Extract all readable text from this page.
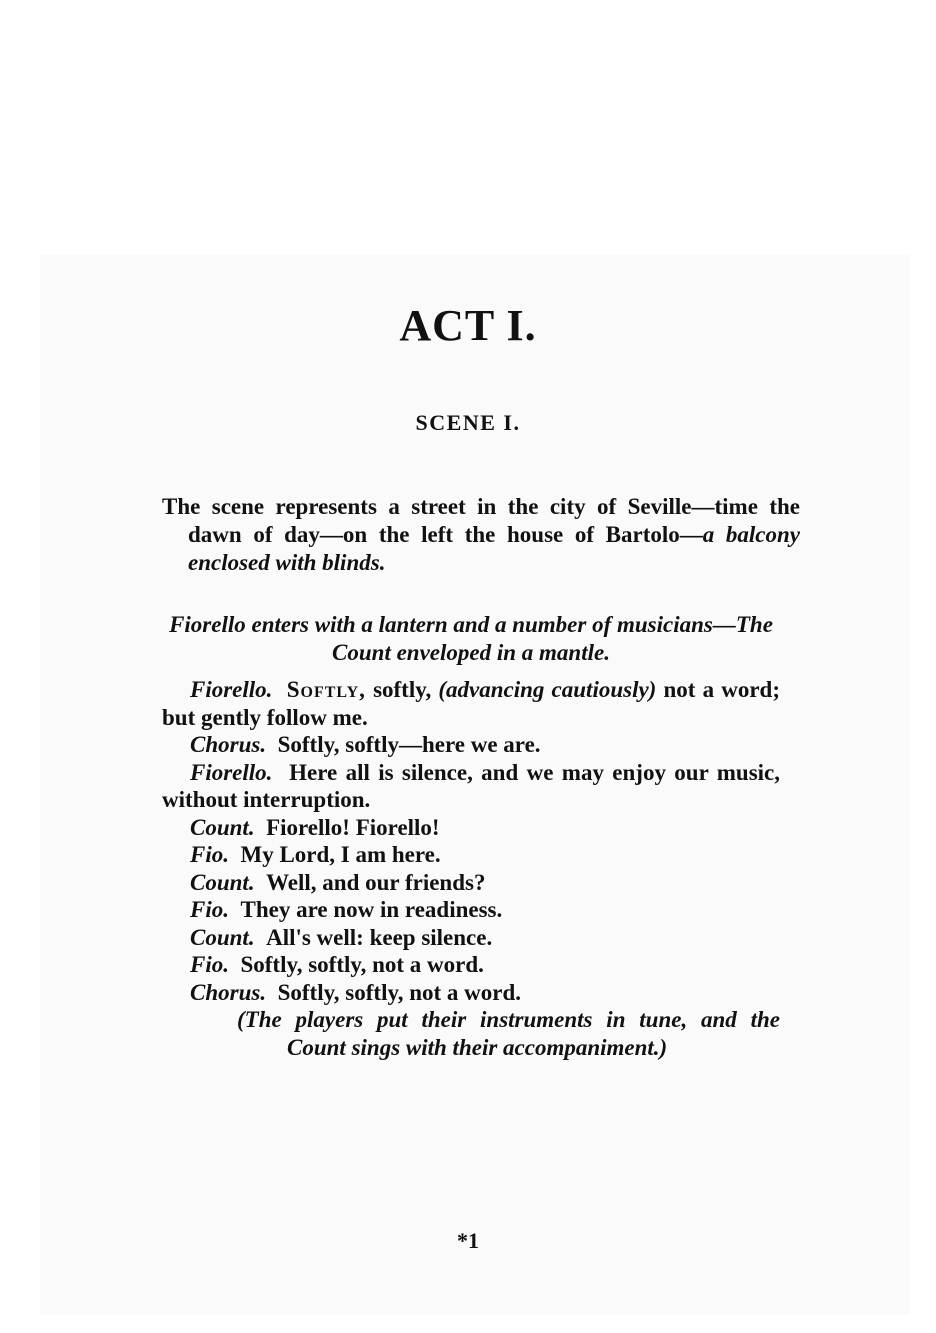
ACT I.
SCENE I.

The scene represents a street in the city of Seville—time the dawn of day—on the left the house of Bartolo—a balcony enclosed with blinds.

Fiorello enters with a lantern and a number of musicians—The Count enveloped in a mantle.

Fiorello. Softly, softly, (advancing cautiously) not a word; but gently follow me.

Chorus. Softly, softly—here we are.

Fiorello. Here all is silence, and we may enjoy our music, without interruption.

Count. Fiorello! Fiorello!

Fio. My Lord, I am here.

Count. Well, and our friends?

Fio. They are now in readiness.

Count. All's well: keep silence.

Fio. Softly, softly, not a word.

Chorus. Softly, softly, not a word.

(The players put their instruments in tune, and the Count sings with their accompaniment.)

*1
